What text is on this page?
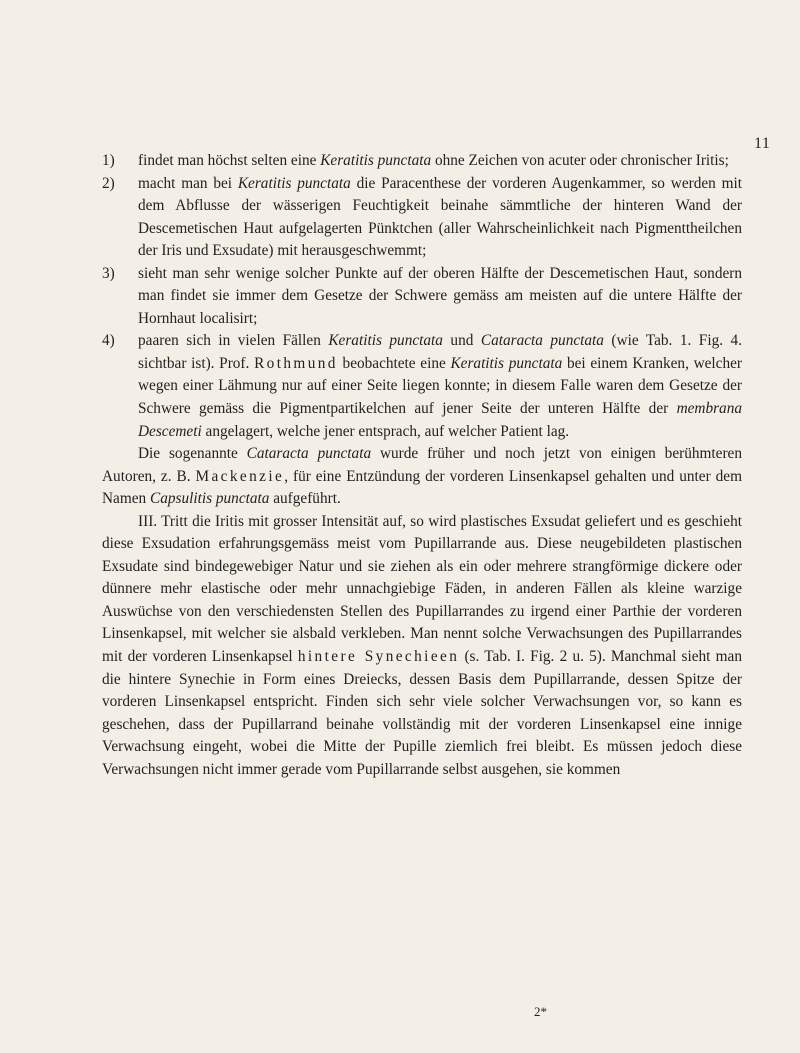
11
1) findet man höchst selten eine Keratitis punctata ohne Zeichen von acuter oder chronischer Iritis;
2) macht man bei Keratitis punctata die Paracenthese der vorderen Augenkammer, so werden mit dem Abflusse der wässerigen Feuchtigkeit beinahe sämmtliche der hinteren Wand der Descemetischen Haut aufgelagerten Pünktchen (aller Wahrscheinlichkeit nach Pigmenttheilchen der Iris und Exsudate) mit herausgeschwemmt;
3) sieht man sehr wenige solcher Punkte auf der oberen Hälfte der Descemetischen Haut, sondern man findet sie immer dem Gesetze der Schwere gemäss am meisten auf die untere Hälfte der Hornhaut localisirt;
4) paaren sich in vielen Fällen Keratitis punctata und Cataracta punctata (wie Tab. 1. Fig. 4. sichtbar ist). Prof. Rothmund beobachtete eine Keratitis punctata bei einem Kranken, welcher wegen einer Lähmung nur auf einer Seite liegen konnte; in diesem Falle waren dem Gesetze der Schwere gemäss die Pigmentpartikelchen auf jener Seite der unteren Hälfte der membrana Descemeti angelagert, welche jener entsprach, auf welcher Patient lag.

Die sogenannte Cataracta punctata wurde früher und noch jetzt von einigen berühmteren Autoren, z. B. Mackenzie, für eine Entzündung der vorderen Linsenkapsel gehalten und unter dem Namen Capsulitis punctata aufgeführt.

III. Tritt die Iritis mit grosser Intensität auf, so wird plastisches Exsudat geliefert und es geschieht diese Exsudation erfahrungsgemäss meist vom Pupillarrande aus. Diese neugebildeten plastischen Exsudate sind bindegewebiger Natur und sie ziehen als ein oder mehrere strangförmige dickere oder dünnere mehr elastische oder mehr unnachgiebige Fäden, in anderen Fällen als kleine warzige Auswüchse von den verschiedensten Stellen des Pupillarrandes zu irgend einer Parthie der vorderen Linsenkapsel, mit welcher sie alsbald verkleben. Man nennt solche Verwachsungen des Pupillarrandes mit der vorderen Linsenkapsel hintere Synechieen (s. Tab. I. Fig. 2 u. 5). Manchmal sieht man die hintere Synechie in Form eines Dreiecks, dessen Basis dem Pupillarrande, dessen Spitze der vorderen Linsenkapsel entspricht. Finden sich sehr viele solcher Verwachsungen vor, so kann es geschehen, dass der Pupillarrand beinahe vollständig mit der vorderen Linsenkapsel eine innige Verwachsung eingeht, wobei die Mitte der Pupille ziemlich frei bleibt. Es müssen jedoch diese Verwachsungen nicht immer gerade vom Pupillarrande selbst ausgehen, sie kommen

2*
